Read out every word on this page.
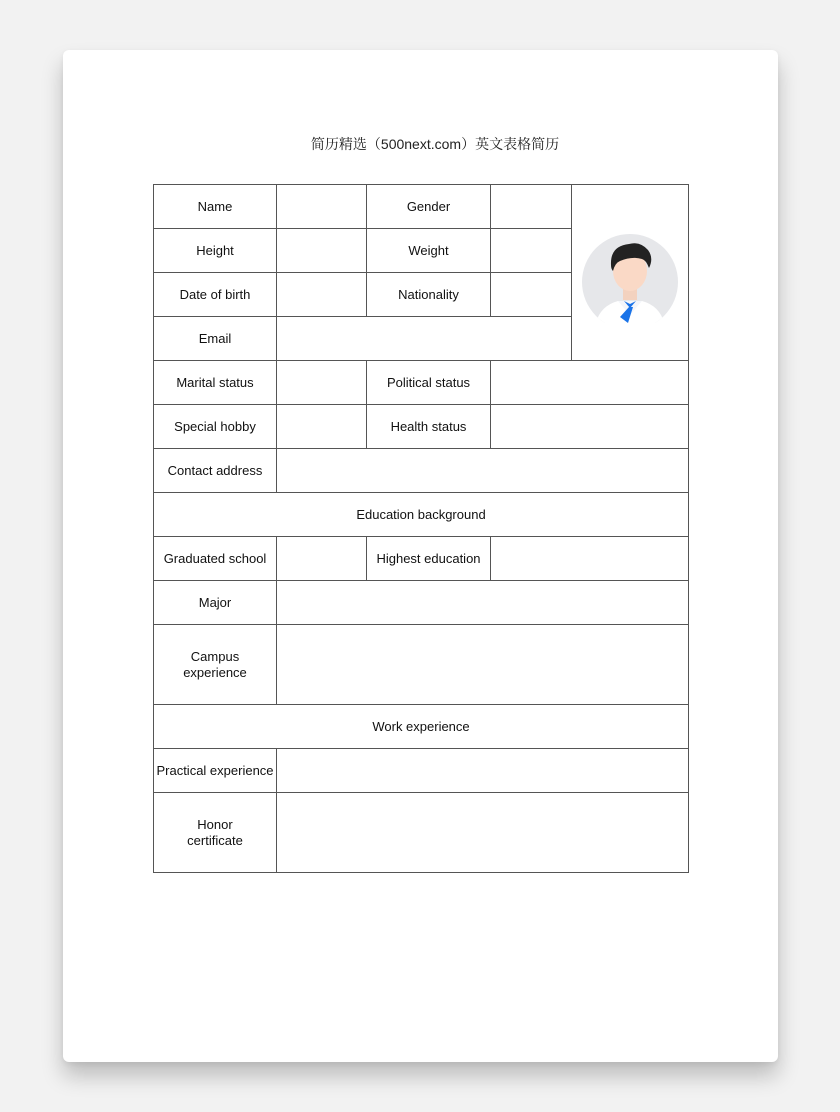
简历精选（500next.com）英文表格简历
Name		Gender		

Height		Weight		
Date of birth		Nationality		
Email				
Marital status		Political status		
Special hobby		Health status		
Contact address				
Education background				
Graduated school		Highest education		
Major				
Campus
experience				
Work experience				
Practical experience				
Honor
certificate				
